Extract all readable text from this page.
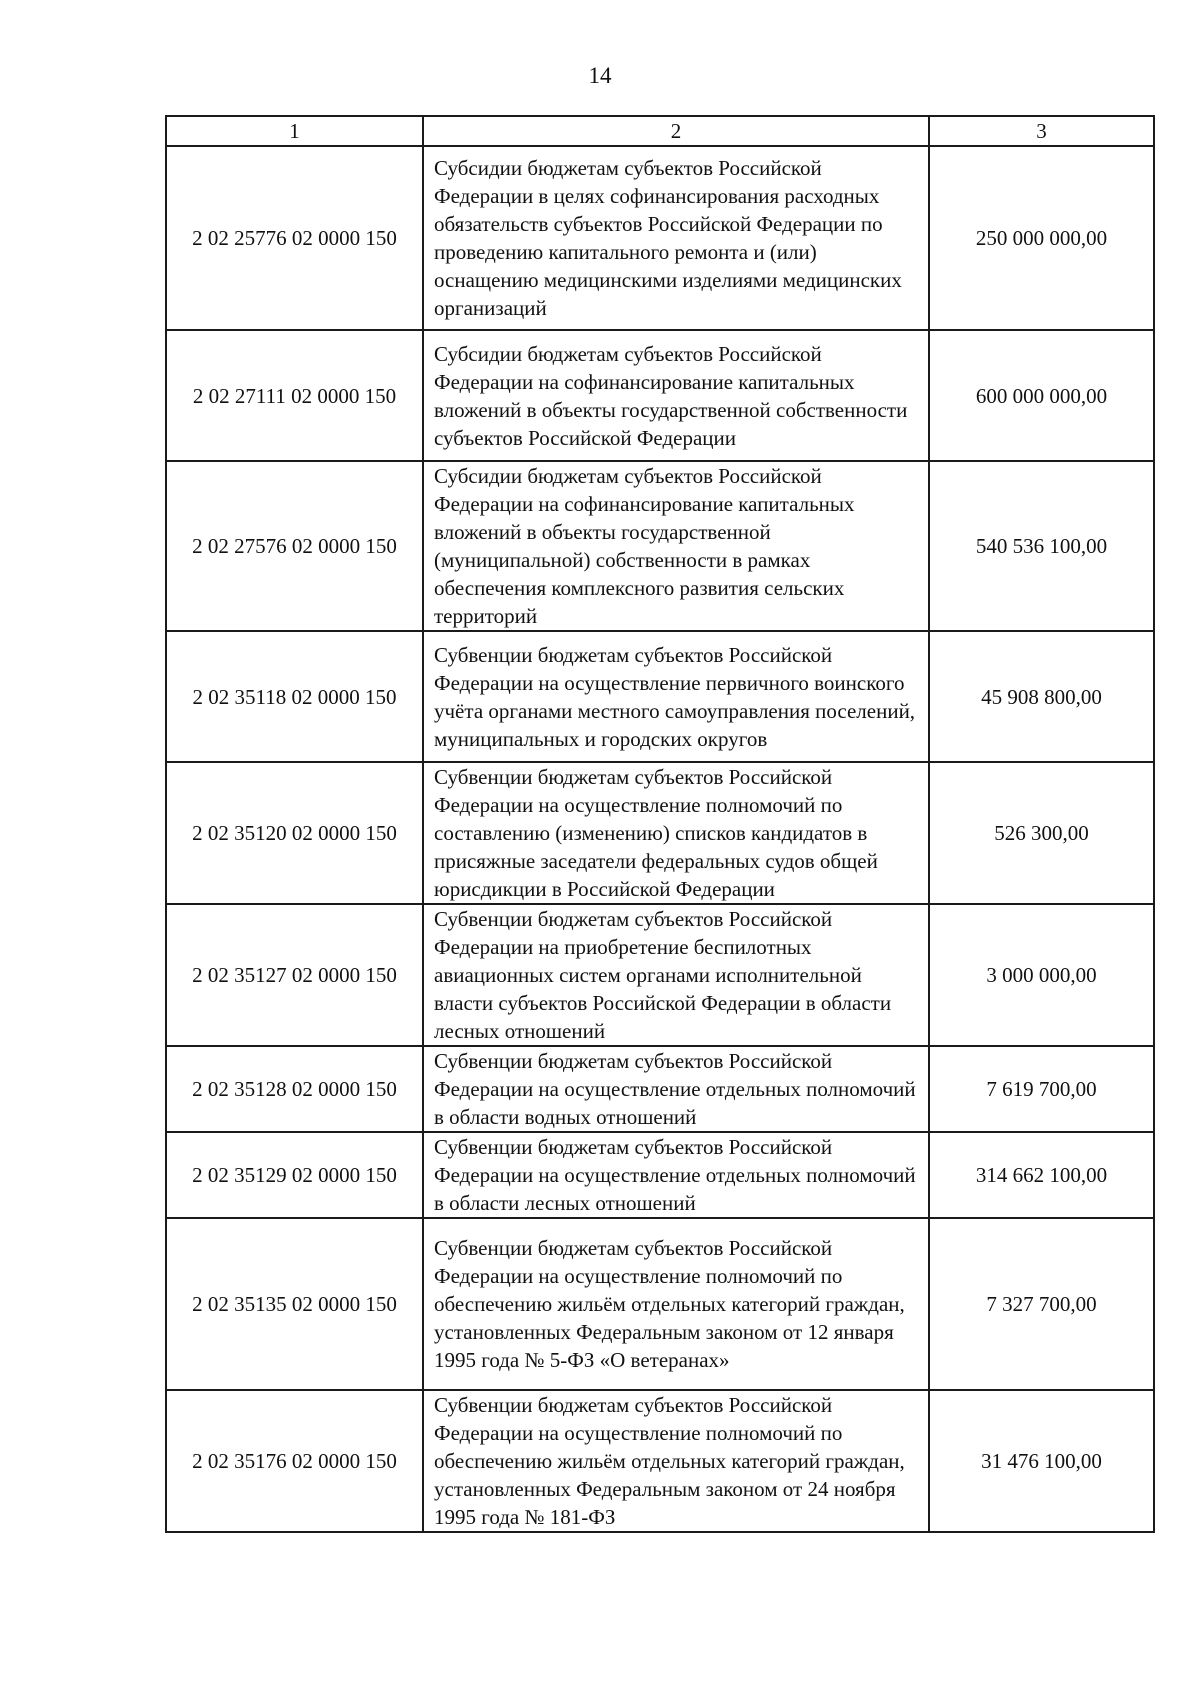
14
1	2	3
2 02 25776 02 0000 150	Субсидии бюджетам субъектов Российской Федерации в целях софинансирования расходных обязательств субъектов Российской Федерации по проведению капитального ремонта и (или) оснащению медицинскими изделиями медицинских организаций	250 000 000,00
2 02 27111 02 0000 150	Субсидии бюджетам субъектов Российской Федерации на софинансирование капитальных вложений в объекты государственной собственности субъектов Российской Федерации	600 000 000,00
2 02 27576 02 0000 150	Субсидии бюджетам субъектов Российской Федерации на софинансирование капитальных вложений в объекты государственной (муниципальной) собственности в рамках обеспечения комплексного развития сельских территорий	540 536 100,00
2 02 35118 02 0000 150	Субвенции бюджетам субъектов Российской Федерации на осуществление первичного воинского учёта органами местного самоуправления поселений, муниципальных и городских округов	45 908 800,00
2 02 35120 02 0000 150	Субвенции бюджетам субъектов Российской Федерации на осуществление полномочий по составлению (изменению) списков кандидатов в присяжные заседатели федеральных судов общей юрисдикции в Российской Федерации	526 300,00
2 02 35127 02 0000 150	Субвенции бюджетам субъектов Российской Федерации на приобретение беспилотных авиационных систем органами исполнительной власти субъектов Российской Федерации в области лесных отношений	3 000 000,00
2 02 35128 02 0000 150	Субвенции бюджетам субъектов Российской Федерации на осуществление отдельных полномочий в области водных отношений	7 619 700,00
2 02 35129 02 0000 150	Субвенции бюджетам субъектов Российской Федерации на осуществление отдельных полномочий в области лесных отношений	314 662 100,00
2 02 35135 02 0000 150	Субвенции бюджетам субъектов Российской Федерации на осуществление полномочий по обеспечению жильём отдельных категорий граждан, установленных Федеральным законом от 12 января 1995 года № 5-ФЗ «О ветеранах»	7 327 700,00
2 02 35176 02 0000 150	Субвенции бюджетам субъектов Российской Федерации на осуществление полномочий по обеспечению жильём отдельных категорий граждан, установленных Федеральным законом от 24 ноября 1995 года № 181-ФЗ	31 476 100,00
